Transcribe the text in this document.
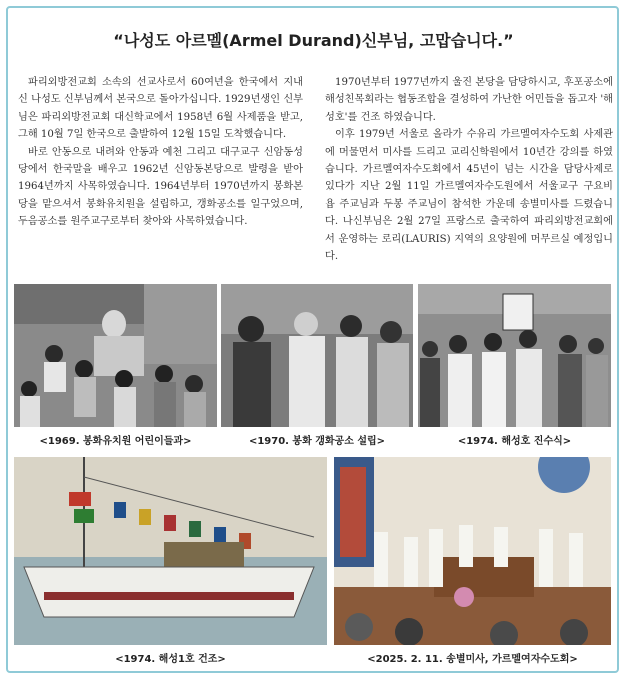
“나성도 아르멜(Armel Durand)신부님, 고맙습니다.”

파리외방전교회 소속의 선교사로서 60여년을 한국에서 지내신 나성도 신부님께서 본국으로 돌아가십니다. 1929년생인 신부님은 파리외방전교회 대신학교에서 1958년 6월 사제품을 받고, 그해 10월 7일 한국으로 출발하여 12월 15일 도착했습니다.

바로 안동으로 내려와 안동과 예천 그리고 대구교구 신암동성당에서 한국말을 배우고 1962년 신암동본당으로 발령을 받아 1964년까지 사목하였습니다. 1964년부터 1970년까지 봉화본당을 맡으셔서 봉화유치원을 설립하고, 갱화공소를 일구었으며, 두음공소를 원주교구로부터 찾아와 사목하였습니다.

1970년부터 1977년까지 울진 본당을 담당하시고, 후포공소에 해성친목회라는 협동조합을 결성하여 가난한 어민들을 돕고자 '해성호'를 건조 하였습니다.

이후 1979년 서울로 올라가 수유리 가르멜여자수도회 사제관에 머물면서 미사를 드리고 교리신학원에서 10년간 강의를 하였습니다. 가르멜여자수도회에서 45년이 넘는 시간을 담당사제로 있다가 지난 2월 11일 가르멜여자수도원에서 서울교구 구요비 욥 주교님과 두봉 주교님이 참석한 가운데 송별미사를 드렸습니다. 나신부님은 2월 27일 프랑스로 출국하여 파리외방전교회에서 운영하는 로리(LAURIS) 지역의 요양원에 머무르실 예정입니다.

<1969. 봉화유치원 어린이들과>	<1970. 봉화 갱화공소 설립>	<1974. 해성호 진수식>
<1974. 해성1호 건조>	<2025. 2. 11. 송별미사, 가르멜여자수도회>
